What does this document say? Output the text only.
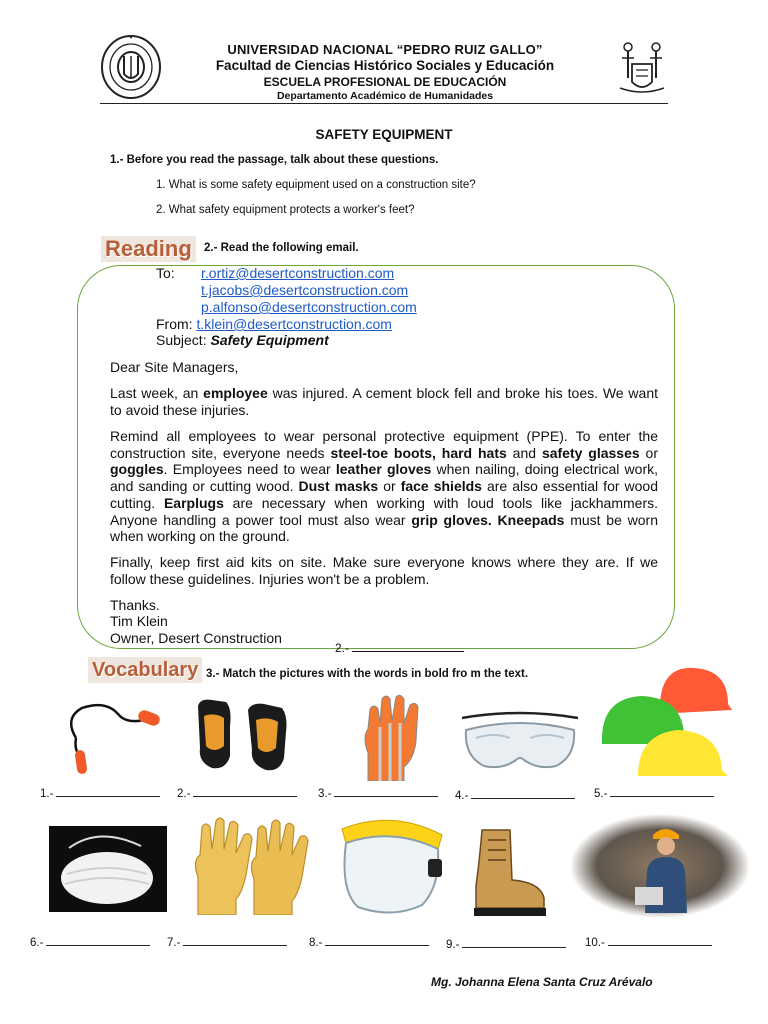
UNIVERSIDAD NACIONAL “PEDRO RUIZ GALLO”
Facultad de Ciencias Histórico Sociales y Educación
ESCUELA PROFESIONAL DE EDUCACIÓN
Departamento Académico de Humanidades
SAFETY EQUIPMENT
1.- Before you read the passage, talk about these questions.
1. What is some safety equipment used on a construction site?
2. What safety equipment protects a worker's feet?
Reading	2.- Read the following email.
To: r.ortiz@desertconstruction.com
t.jacobs@desertconstruction.com
p.alfonso@desertconstruction.com
From: t.klein@desertconstruction.com
Subject: Safety Equipment
Dear Site Managers,
Last week, an employee was injured. A cement block fell and broke his toes. We want to avoid these injuries.
Remind all employees to wear personal protective equipment (PPE). To enter the construction site, everyone needs steel-toe boots, hard hats and safety glasses or goggles. Employees need to wear leather gloves when nailing, doing electrical work, and sanding or cutting wood. Dust masks or face shields are also essential for wood cutting. Earplugs are necessary when working with loud tools like jackhammers. Anyone handling a power tool must also wear grip gloves. Kneepads must be worn when working on the ground.
Finally, keep first aid kits on site. Make sure everyone knows where they are. If we follow these guidelines. Injuries won't be a problem.
Thanks.
Tim Klein
Owner, Desert Construction
2.-
Vocabulary 3.- Match the pictures with the words in bold fro m the text.
1.-	2.-	3.-	4.-	5.-
6.-	7.-	8.-	9.-	10.-
Mg. Johanna Elena Santa Cruz Arévalo
